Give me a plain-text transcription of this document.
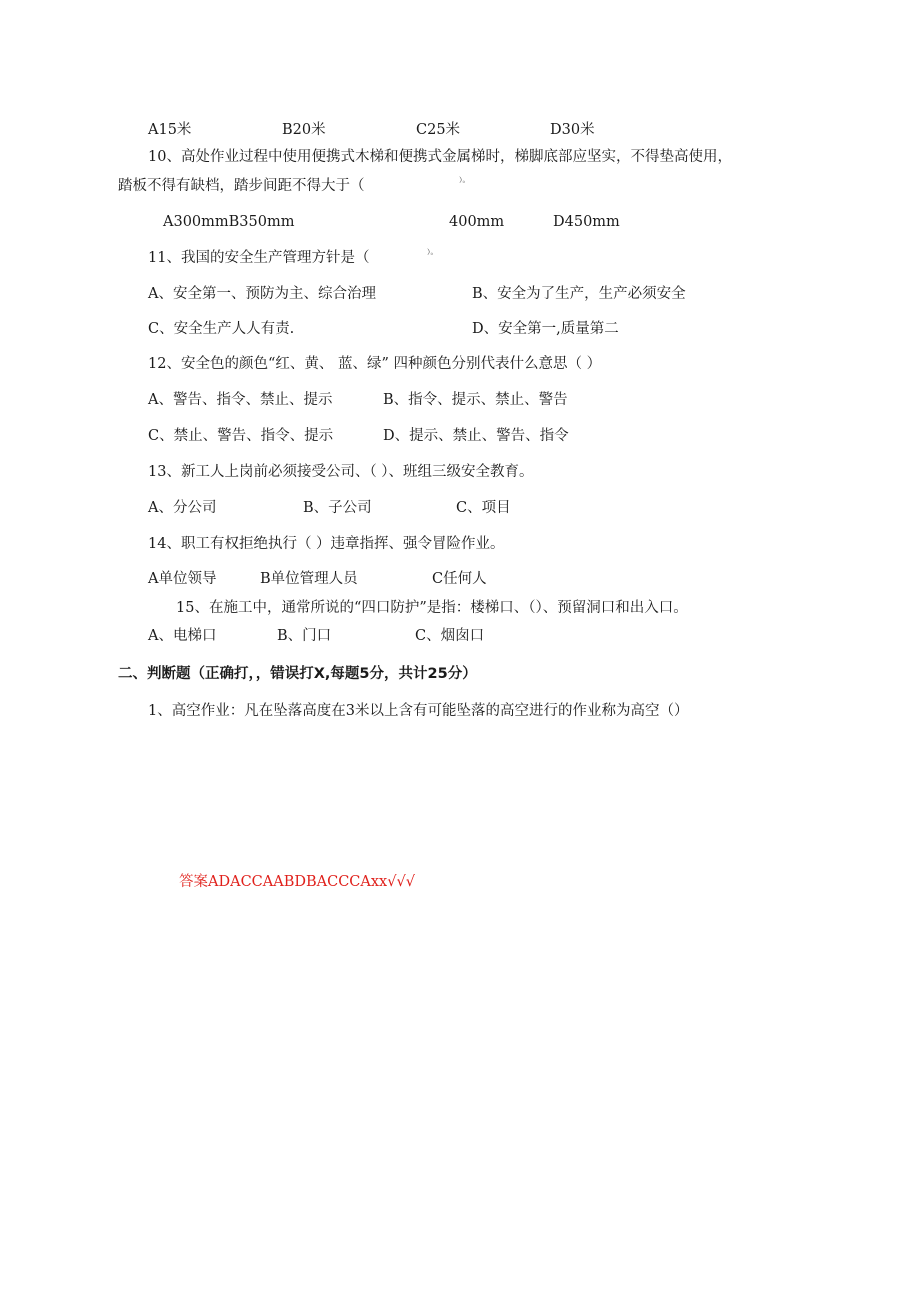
A15米	B20米	C25米	D30米
10、高处作业过程中使用便携式木梯和便携式金属梯时，梯脚底部应坚实，不得垫高使用，
踏板不得有缺档，踏步间距不得大于（	）。
A300mmB350mm	400mm	D450mm
11、我国的安全生产管理方针是（	）。
A、安全第一、预防为主、综合治理	B、安全为了生产，生产必须安全
C、安全生产人人有责.	D、安全第一,质量第二
12、安全色的颜色“红、黄、 蓝、绿” 四种颜色分别代表什么意思（ ）
A、警告、指令、禁止、提示	B、指令、提示、禁止、警告
C、禁止、警告、指令、提示	D、提示、禁止、警告、指令
13、新工人上岗前必须接受公司、（ ）、班组三级安全教育。
A、分公司	B、子公司	C、项目
14、职工有权拒绝执行（ ）违章指挥、强令冒险作业。
A单位领导	B单位管理人员	C任何人
15、在施工中，通常所说的“四口防护”是指：楼梯口、（）、预留洞口和出入口。
A、电梯口	B、门口	C、烟囱口
二、判断题（正确打，，错误打X,每题5分，共计25分）
1、高空作业：凡在坠落高度在3米以上含有可能坠落的高空进行的作业称为高空（）
答案ADACCAABDBACCCAxx√√√
